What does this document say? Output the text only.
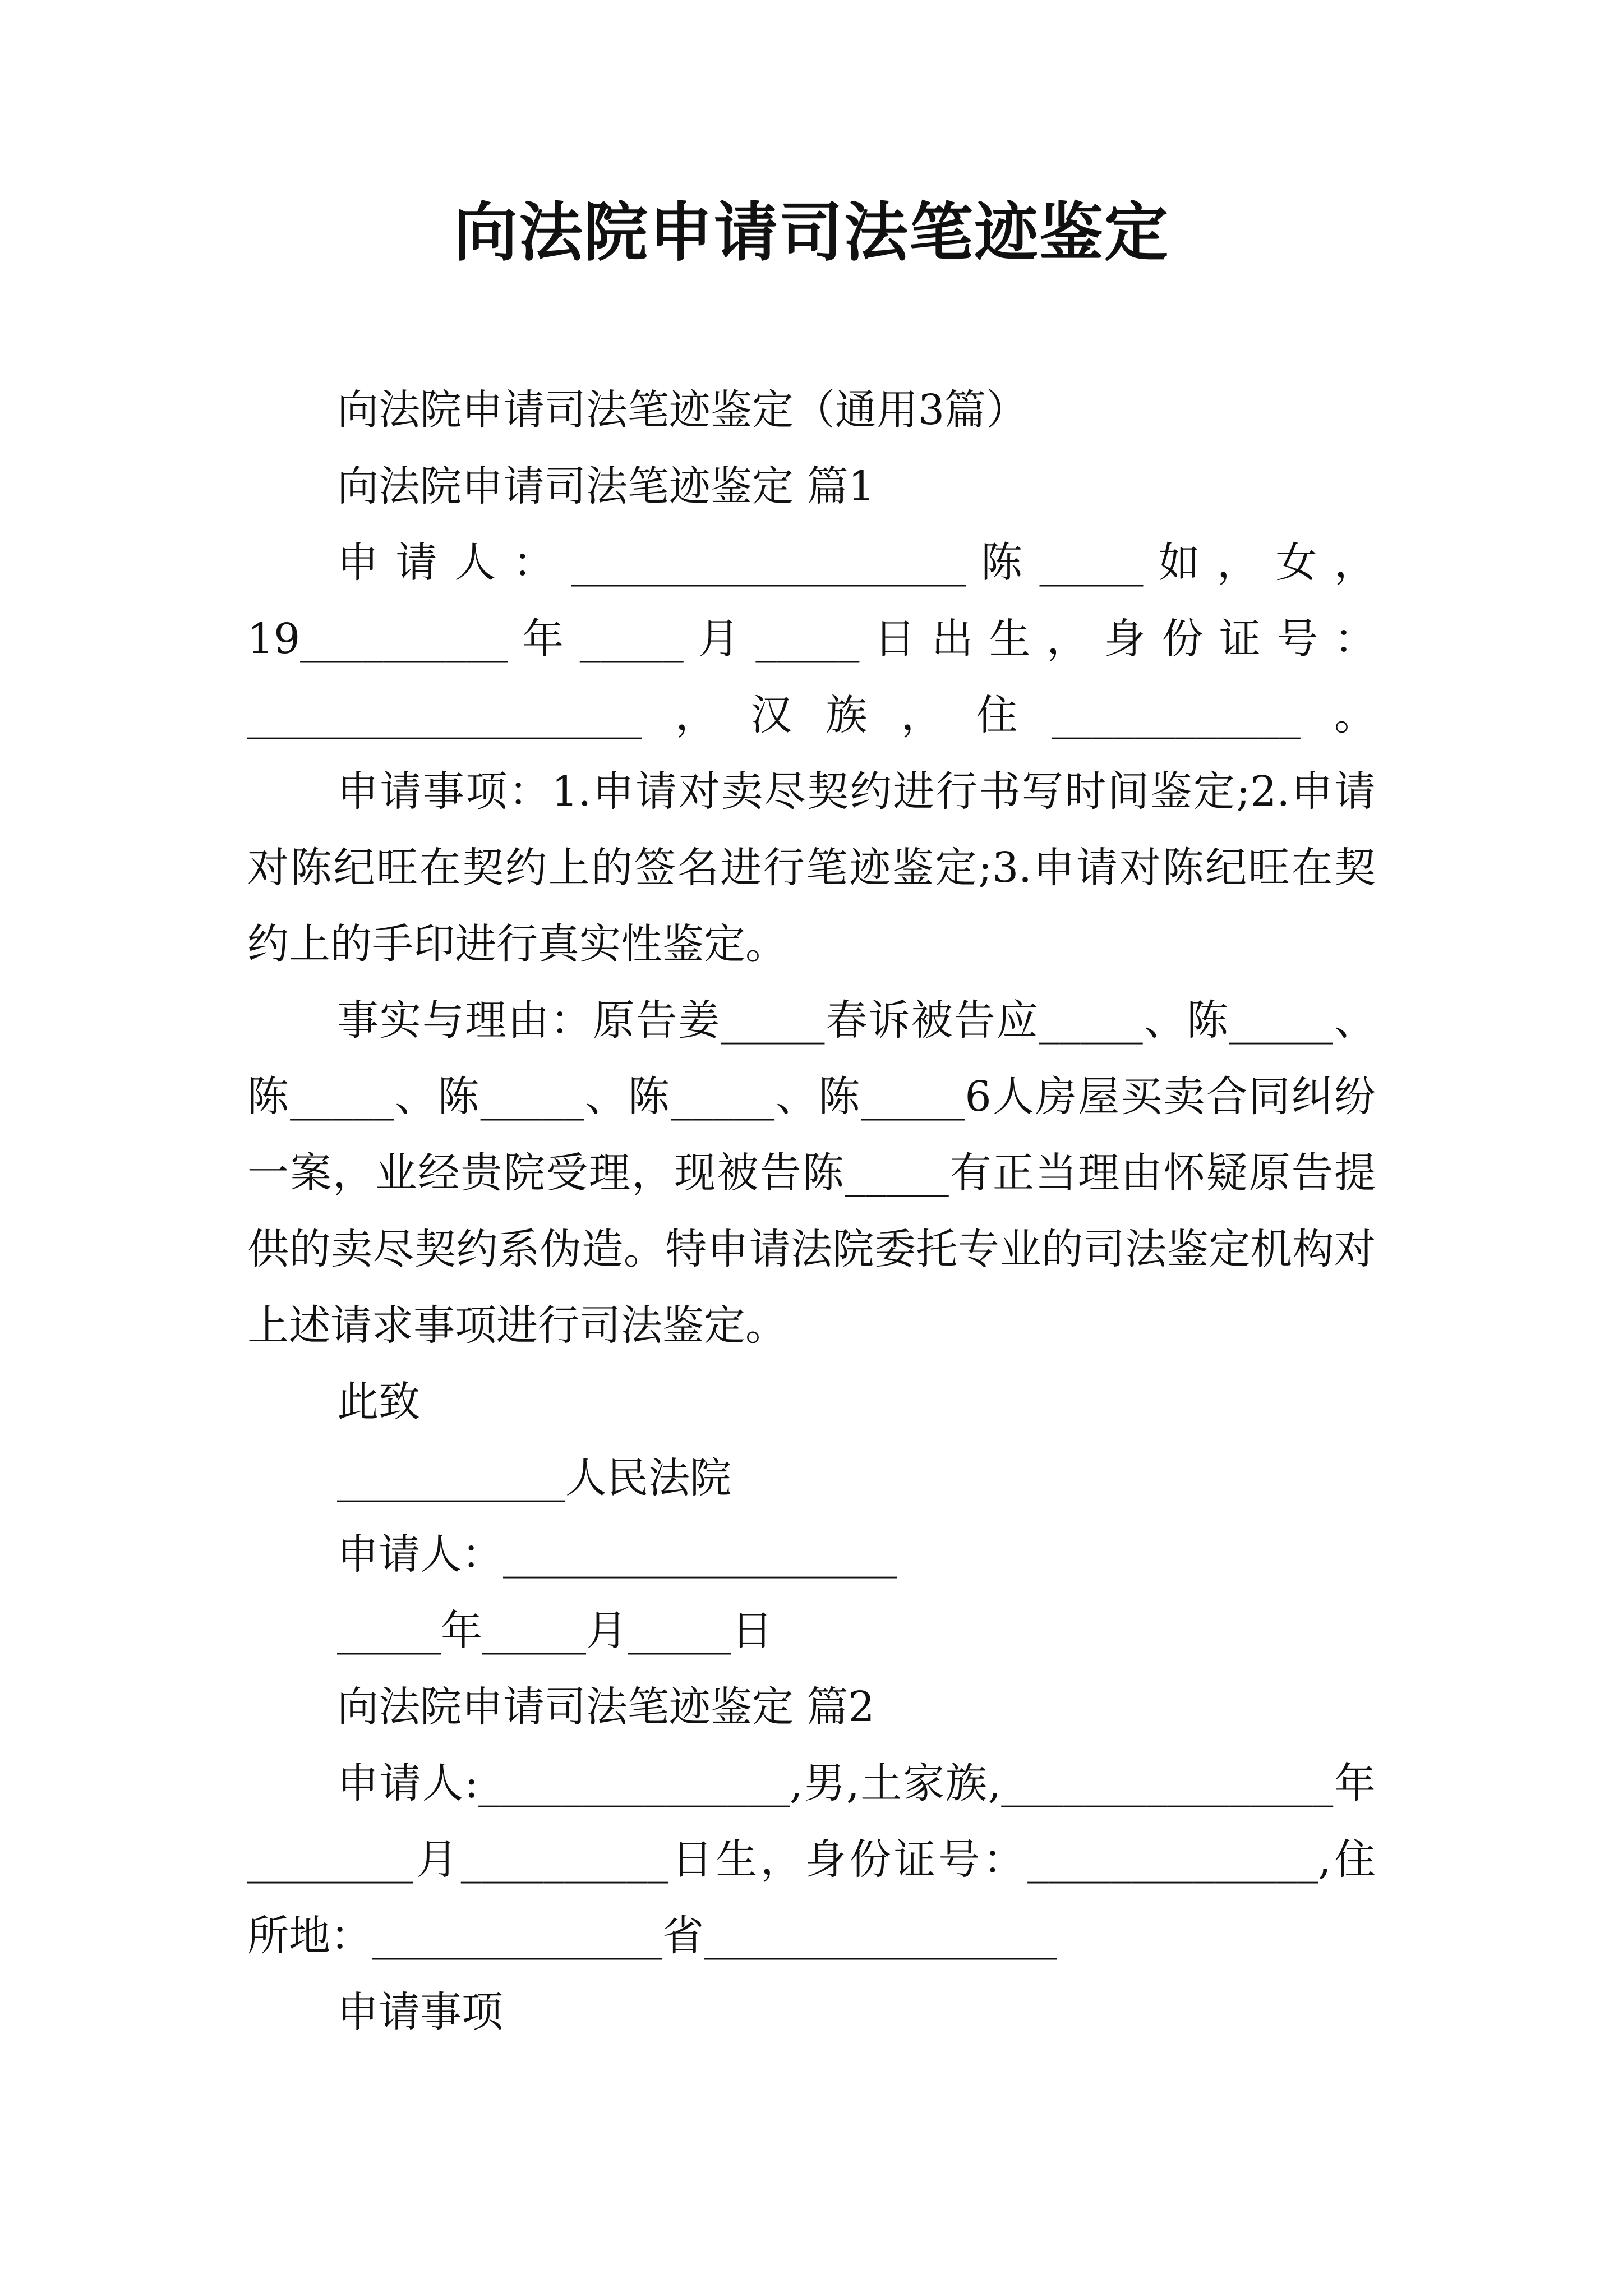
向法院申请司法笔迹鉴定

向法院申请司法笔迹鉴定（通用3篇）

向法院申请司法笔迹鉴定 篇1

申 请 人 ： ___________________ 陈 _____ 如 ， 女 ， 19__________ 年 _____ 月 _____ 日 出 生 ， 身 份 证 号 ： ___________________，汉族，住____________。

申请事项：1.申请对卖尽契约进行书写时间鉴定;2.申请对陈纪旺在契约上的签名进行笔迹鉴定;3.申请对陈纪旺在契约上的手印进行真实性鉴定。

事实与理由：原告姜_____春诉被告应_____、陈_____、陈_____、陈_____、陈_____、陈_____6人房屋买卖合同纠纷一案，业经贵院受理，现被告陈_____有正当理由怀疑原告提供的卖尽契约系伪造。特申请法院委托专业的司法鉴定机构对上述请求事项进行司法鉴定。

此致

___________人民法院

申请人：___________________

_____年_____月_____日

向法院申请司法笔迹鉴定 篇2

申请人:_______________,男,土家族,________________年________月__________日生，身份证号：______________,住所地：______________省_________________

申请事项
